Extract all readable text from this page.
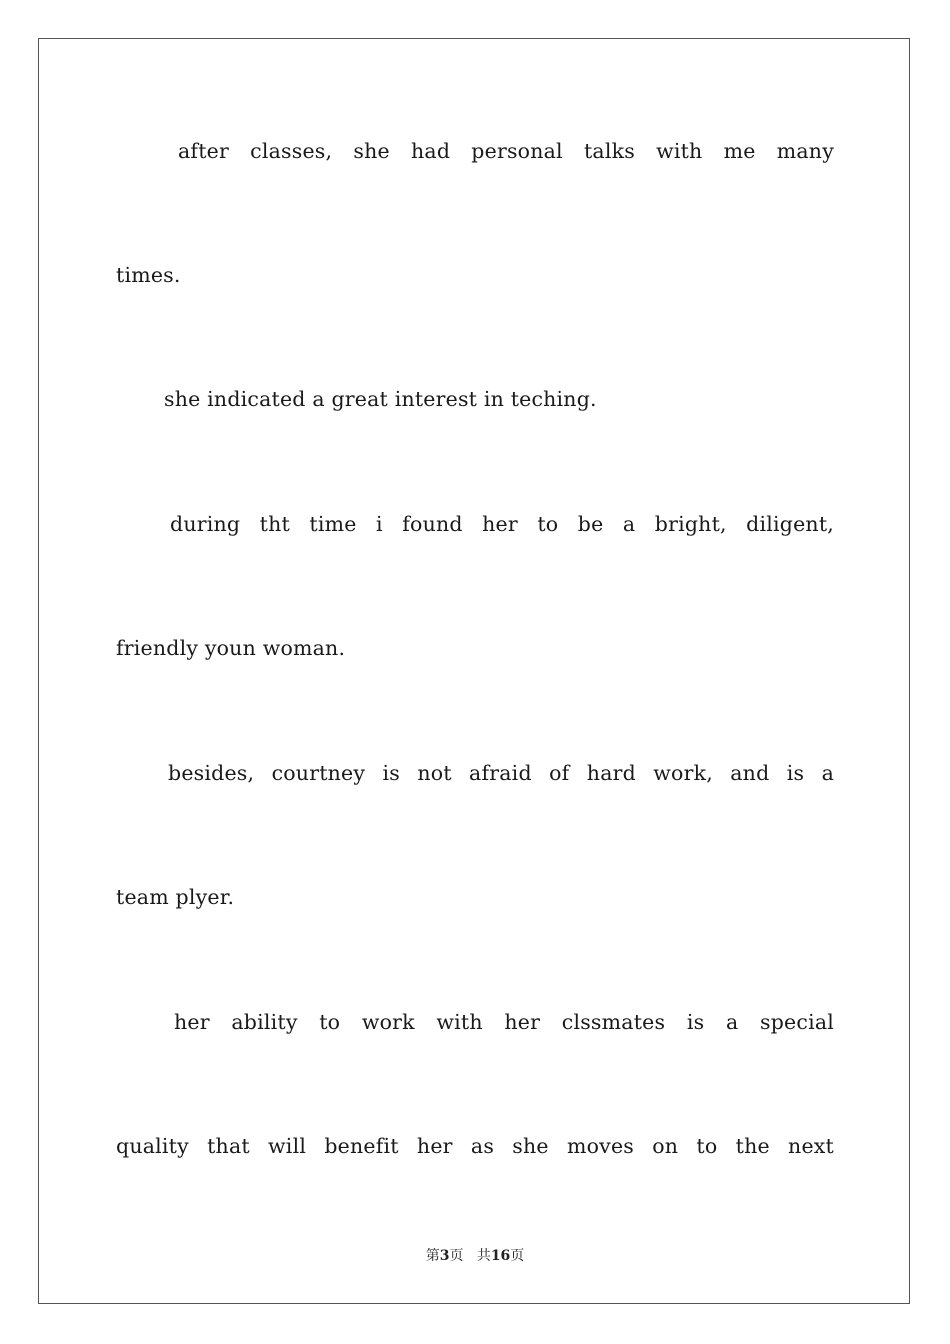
after classes, she had personal talks with me many
times.
she indicated a great interest in teching.
during tht time i found her to be a bright, diligent,
friendly youn woman.
besides, courtney is not afraid of hard work, and is a
team plyer.
her ability to work with her clssmates is a special
quality that will benefit her as she moves on to the next
第3页 共16页
